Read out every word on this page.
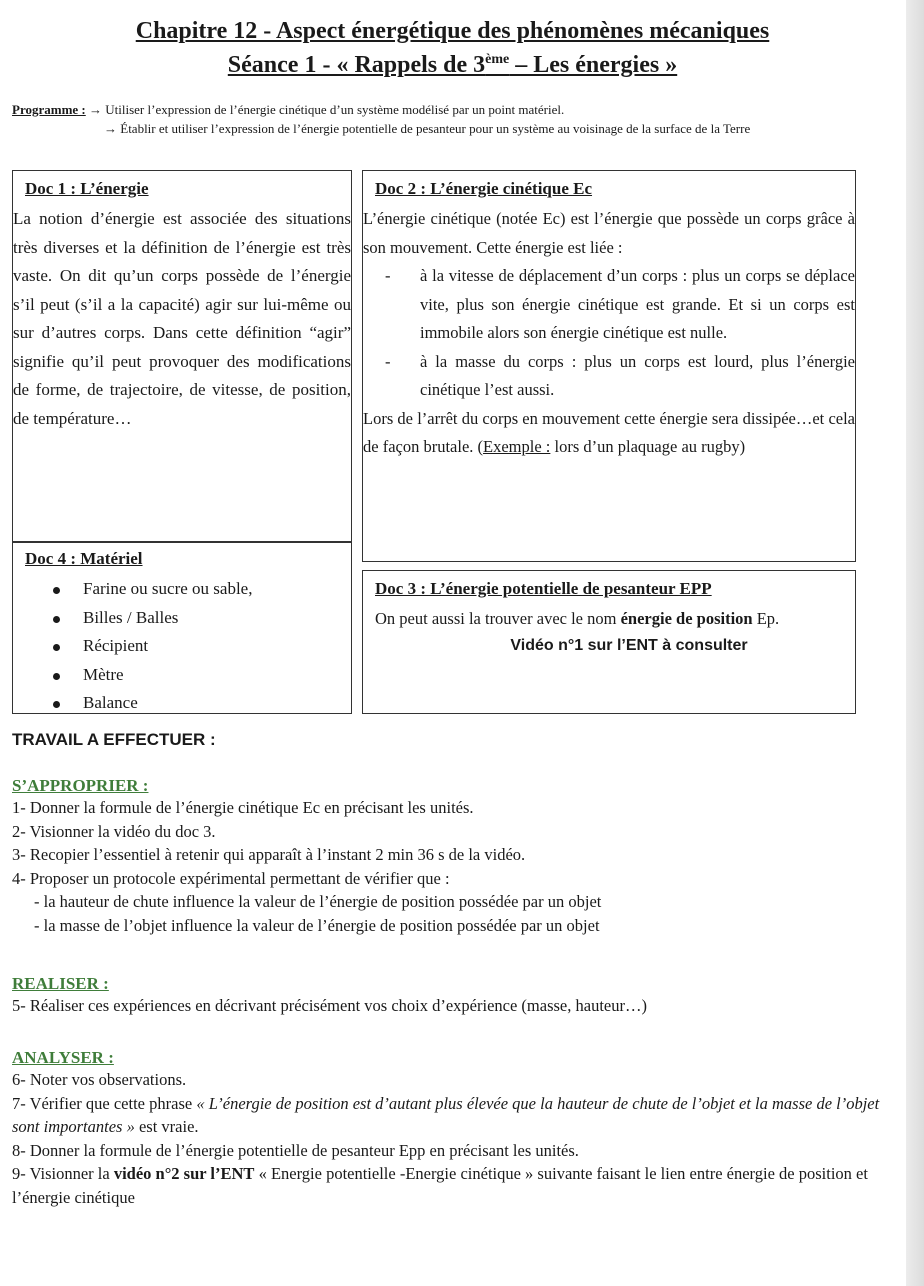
Chapitre 12 - Aspect énergétique des phénomènes mécaniques
Séance 1 - « Rappels de 3ème – Les énergies »
Programme : → Utiliser l’expression de l’énergie cinétique d’un système modélisé par un point matériel.
→ Établir et utiliser l’expression de l’énergie potentielle de pesanteur pour un système au voisinage de la surface de la Terre
Doc 1 : L’énergie

La notion d’énergie est associée des situations très diverses et la définition de l’énergie est très vaste. On dit qu’un corps possède de l’énergie s’il peut (s’il a la capacité) agir sur lui-même ou sur d’autres corps. Dans cette définition “agir” signifie qu’il peut provoquer des modifications de forme, de trajectoire, de vitesse, de position, de température…

Doc 2 : L’énergie cinétique Ec

L’énergie cinétique (notée Ec) est l’énergie que possède un corps grâce à son mouvement. Cette énergie est liée :

- à la vitesse de déplacement d’un corps : plus un corps se déplace vite, plus son énergie cinétique est grande. Et si un corps est immobile alors son énergie cinétique est nulle.

- à la masse du corps : plus un corps est lourd, plus l’énergie cinétique l’est aussi.

Lors de l’arrêt du corps en mouvement cette énergie sera dissipée…et cela de façon brutale. (Exemple : lors d’un plaquage au rugby)

Doc 4 : Matériel
Farine ou sucre ou sable,
Billes / Balles
Récipient
Mètre
Balance
Doc 3 : L’énergie potentielle de pesanteur EPP

On peut aussi la trouver avec le nom énergie de position Ep.

Vidéo n°1 sur l’ENT à consulter
TRAVAIL A EFFECTUER :
S’APPROPRIER :

1- Donner la formule de l’énergie cinétique Ec en précisant les unités.

2- Visionner la vidéo du doc 3.

3- Recopier l’essentiel à retenir qui apparaît à l’instant 2 min 36 s de la vidéo.

4- Proposer un protocole expérimental permettant de vérifier que :

- la hauteur de chute influence la valeur de l’énergie de position possédée par un objet

- la masse de l’objet influence la valeur de l’énergie de position possédée par un objet

REALISER :

5- Réaliser ces expériences en décrivant précisément vos choix d’expérience (masse, hauteur…)

ANALYSER :

6- Noter vos observations.

7- Vérifier que cette phrase « L’énergie de position est d’autant plus élevée que la hauteur de chute de l’objet et la masse de l’objet sont importantes » est vraie.

8- Donner la formule de l’énergie potentielle de pesanteur Epp en précisant les unités.

9- Visionner la vidéo n°2 sur l’ENT « Energie potentielle -Energie cinétique » suivante faisant le lien entre énergie de position et l’énergie cinétique
